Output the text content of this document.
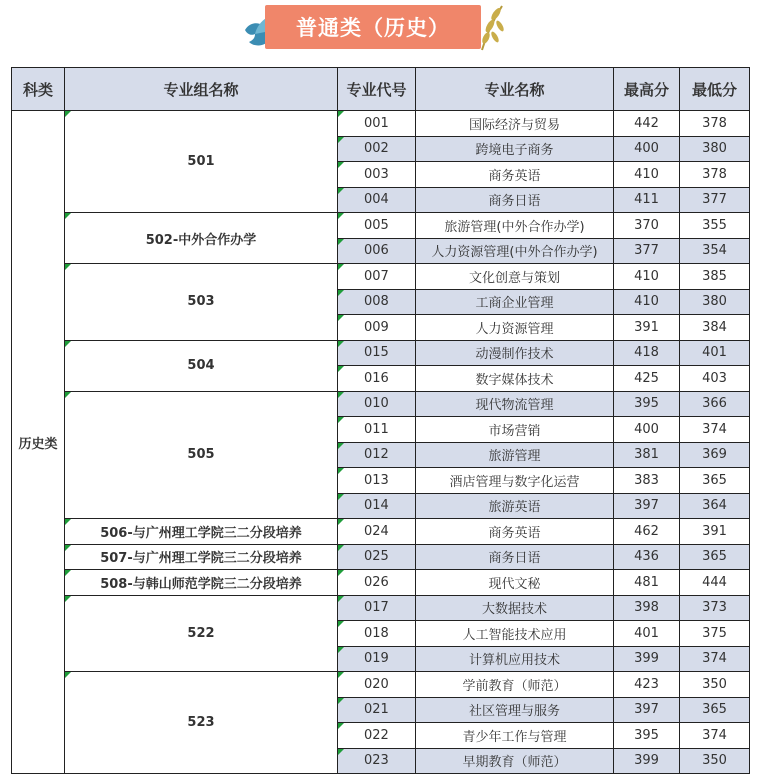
普通类（历史）
科类	专业组名称	专业代号	专业名称	最高分	最低分
历史类	501	001	国际经济与贸易	442	378
		002	跨境电子商务	400	380
		003	商务英语	410	378
		004	商务日语	411	377
	502-中外合作办学	005	旅游管理(中外合作办学)	370	355
		006	人力资源管理(中外合作办学)	377	354
	503	007	文化创意与策划	410	385
		008	工商企业管理	410	380
		009	人力资源管理	391	384
	504	015	动漫制作技术	418	401
		016	数字媒体技术	425	403
	505	010	现代物流管理	395	366
		011	市场营销	400	374
		012	旅游管理	381	369
		013	酒店管理与数字化运营	383	365
		014	旅游英语	397	364
	506-与广州理工学院三二分段培养	024	商务英语	462	391
	507-与广州理工学院三二分段培养	025	商务日语	436	365
	508-与韩山师范学院三二分段培养	026	现代文秘	481	444
	522	017	大数据技术	398	373
		018	人工智能技术应用	401	375
		019	计算机应用技术	399	374
	523	020	学前教育（师范）	423	350
		021	社区管理与服务	397	365
		022	青少年工作与管理	395	374
		023	早期教育（师范）	399	350
